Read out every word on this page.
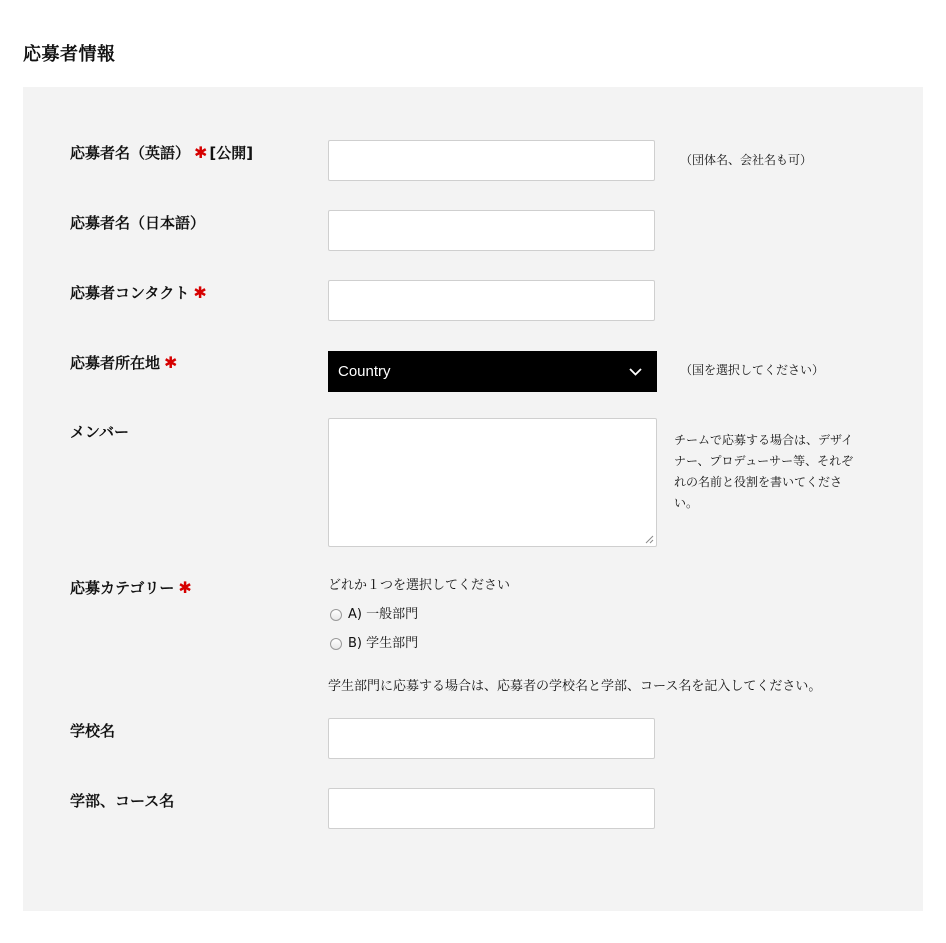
応募者情報
応募者名（英語） ✱ [公開]	（団体名、会社名も可）
応募者名（日本語）
応募者コンタクト ✱
応募者所在地 ✱	Country	（国を選択してください）
メンバー	チームで応募する場合は、デザイナー、プロデューサー等、それぞれの名前と役割を書いてください。
応募カテゴリー ✱	どれか１つを選択してください
A) 一般部門
B) 学生部門
学生部門に応募する場合は、応募者の学校名と学部、コース名を記入してください。
学校名
学部、コース名
